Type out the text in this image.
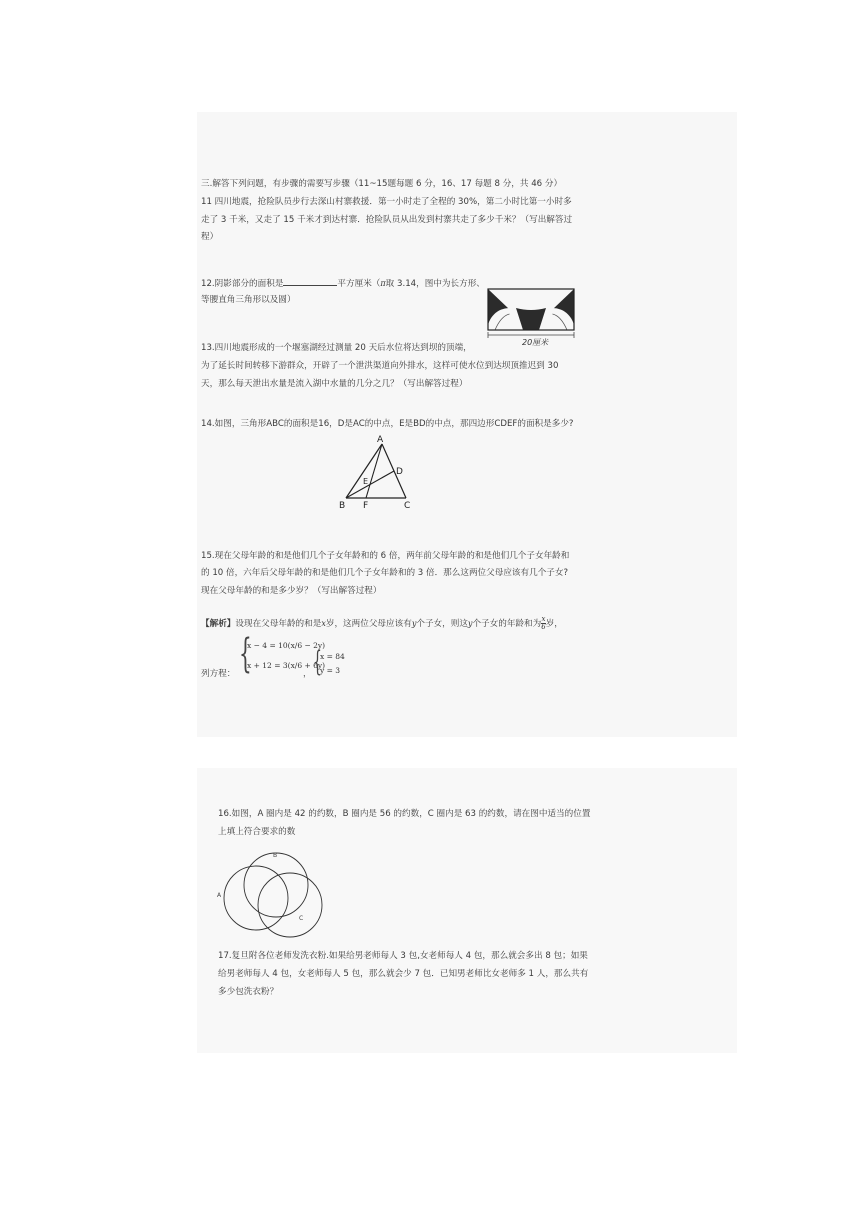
三.解答下列问题，有步骤的需要写步骤（11~15题每题 6 分，16、17 每题 8 分，共 46 分）
11 四川地震，抢险队员步行去深山村寨救援．第一小时走了全程的 30%，第二小时比第一小时多
走了 3 千米，又走了 15 千米才到达村寨．抢险队员从出发到村寨共走了多少千米？（写出解答过
程）
12.阴影部分的面积是	平方厘米（π取 3.14，图中为长方形、
等腰直角三角形以及圆）
20厘米
13.四川地震形成的一个堰塞湖经过测量 20 天后水位将达到坝的顶端，
为了延长时间转移下游群众，开辟了一个泄洪渠道向外排水，这样可使水位到达坝顶推迟到 30
天，那么每天泄出水量是流入湖中水量的几分之几？（写出解答过程）
14.如图，三角形ABC的面积是16，D是AC的中点，E是BD的中点，那四边形CDEF的面积是多少?
A
D
E
B F	C
15.现在父母年龄的和是他们几个子女年龄和的 6 倍，两年前父母年龄的和是他们几个子女年龄和
的 10 倍，六年后父母年龄的和是他们几个子女年龄和的 3 倍．那么这两位父母应该有几个子女?
现在父母年龄的和是多少岁？（写出解答过程）
【解析】设现在父母年龄的和是x岁，这两位父母应该有y个子女，则这y个子女的年龄和为 $\frac{x}{6}$ 岁，
{
x − 4 = 10(x/6 − 2y)
x + 12 = 3(x/6 + 6y)
列方程：	， {
x = 84
y = 3
16.如图，A 圈内是 42 的约数，B 圈内是 56 的约数，C 圈内是 63 的约数，请在图中适当的位置
上填上符合要求的数
A
B
C
17.复旦附各位老师发洗衣粉.如果给男老师每人 3 包,女老师每人 4 包，那么就会多出 8 包；如果
给男老师每人 4 包，女老师每人 5 包，那么就会少 7 包．已知男老师比女老师多 1 人，那么共有
多少包洗衣粉？
